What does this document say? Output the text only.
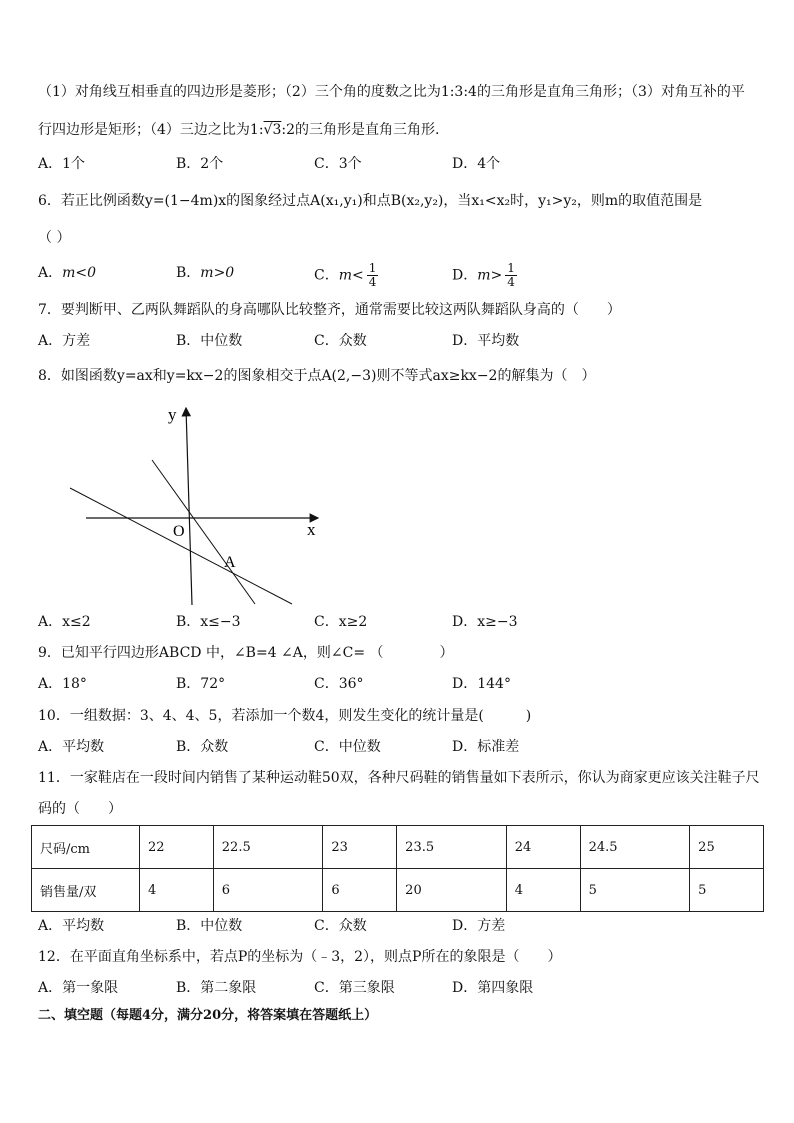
（1）对角线互相垂直的四边形是菱形；（2）三个角的度数之比为1:3:4的三角形是直角三角形；（3）对角互补的平
行四边形是矩形；（4）三边之比为1:√3:2的三角形是直角三角形.
A．1个	B．2个	C．3个	D．4个
6．若正比例函数y=(1−4m)x的图象经过点A(x₁,y₁)和点B(x₂,y₂)，当x₁<x₂时，y₁>y₂，则m的取值范围是
（ ）
A．m<0	B．m>0	C．$m< \frac{1}{4}$	D．$m> \frac{1}{4}$
7．要判断甲、乙两队舞蹈队的身高哪队比较整齐，通常需要比较这两队舞蹈队身高的（　　）
A．方差	B．中位数	C．众数	D．平均数
8．如图函数y=ax和y=kx−2的图象相交于点A(2,−3)则不等式ax≥kx−2的解集为（　）
y
x
O
A
A．x≤2	B．x≤−3	C．x≥2	D．x≥−3
9．已知平行四边形ABCD 中，∠B=4 ∠A，则∠C= （　　　　）
A．18°	B．72°	C．36°	D．144°
10．一组数据：3、4、4、5，若添加一个数4，则发生变化的统计量是(　　　)
A．平均数	B．众数	C．中位数	D．标准差
11．一家鞋店在一段时间内销售了某种运动鞋50双，各种尺码鞋的销售量如下表所示，你认为商家更应该关注鞋子尺
码的（　　）
尺码/cm	22	22.5	23	23.5	24	24.5	25
销售量/双	4	6	6	20	4	5	5
A．平均数	B．中位数	C．众数	D．方差
12．在平面直角坐标系中，若点P的坐标为（﹣3，2），则点P所在的象限是（　　）
A．第一象限	B．第二象限	C．第三象限	D．第四象限
二、填空题（每题4分，满分20分，将答案填在答题纸上）
